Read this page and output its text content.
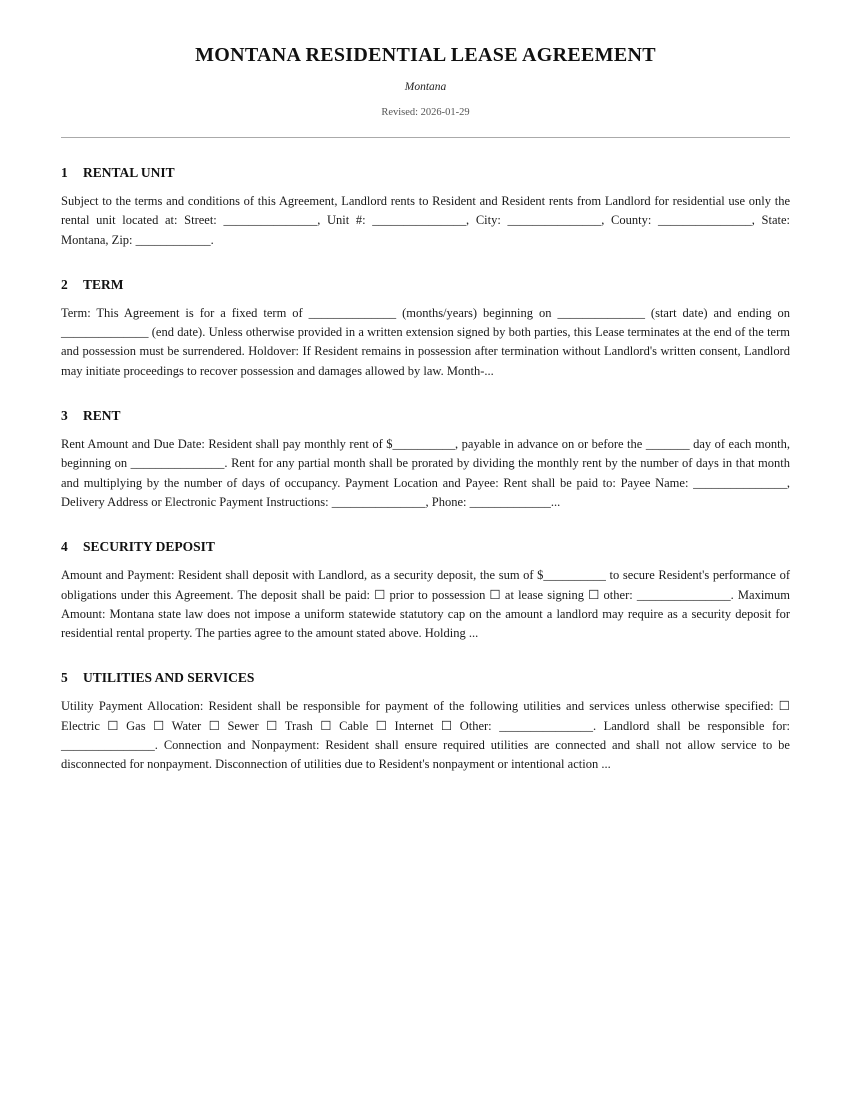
MONTANA RESIDENTIAL LEASE AGREEMENT
Montana
Revised: 2026-01-29
1 RENTAL UNIT

Subject to the terms and conditions of this Agreement, Landlord rents to Resident and Resident rents from Landlord for residential use only the rental unit located at: Street: _______________, Unit #: _______________, City: _______________, County: _______________, State: Montana, Zip: ____________.

2 TERM

Term: This Agreement is for a fixed term of ______________ (months/years) beginning on ______________ (start date) and ending on ______________ (end date). Unless otherwise provided in a written extension signed by both parties, this Lease terminates at the end of the term and possession must be surrendered. Holdover: If Resident remains in possession after termination without Landlord's written consent, Landlord may initiate proceedings to recover possession and damages allowed by law. Month-...

3 RENT

Rent Amount and Due Date: Resident shall pay monthly rent of $__________, payable in advance on or before the _______ day of each month, beginning on _______________. Rent for any partial month shall be prorated by dividing the monthly rent by the number of days in that month and multiplying by the number of days of occupancy. Payment Location and Payee: Rent shall be paid to: Payee Name: _______________, Delivery Address or Electronic Payment Instructions: _______________, Phone: _____________...

4 SECURITY DEPOSIT

Amount and Payment: Resident shall deposit with Landlord, as a security deposit, the sum of $__________ to secure Resident's performance of obligations under this Agreement. The deposit shall be paid: ☐ prior to possession ☐ at lease signing ☐ other: _______________. Maximum Amount: Montana state law does not impose a uniform statewide statutory cap on the amount a landlord may require as a security deposit for residential rental property. The parties agree to the amount stated above. Holding ...

5 UTILITIES AND SERVICES

Utility Payment Allocation: Resident shall be responsible for payment of the following utilities and services unless otherwise specified: ☐ Electric ☐ Gas ☐ Water ☐ Sewer ☐ Trash ☐ Cable ☐ Internet ☐ Other: _______________. Landlord shall be responsible for: _______________. Connection and Nonpayment: Resident shall ensure required utilities are connected and shall not allow service to be disconnected for nonpayment. Disconnection of utilities due to Resident's nonpayment or intentional action ...
